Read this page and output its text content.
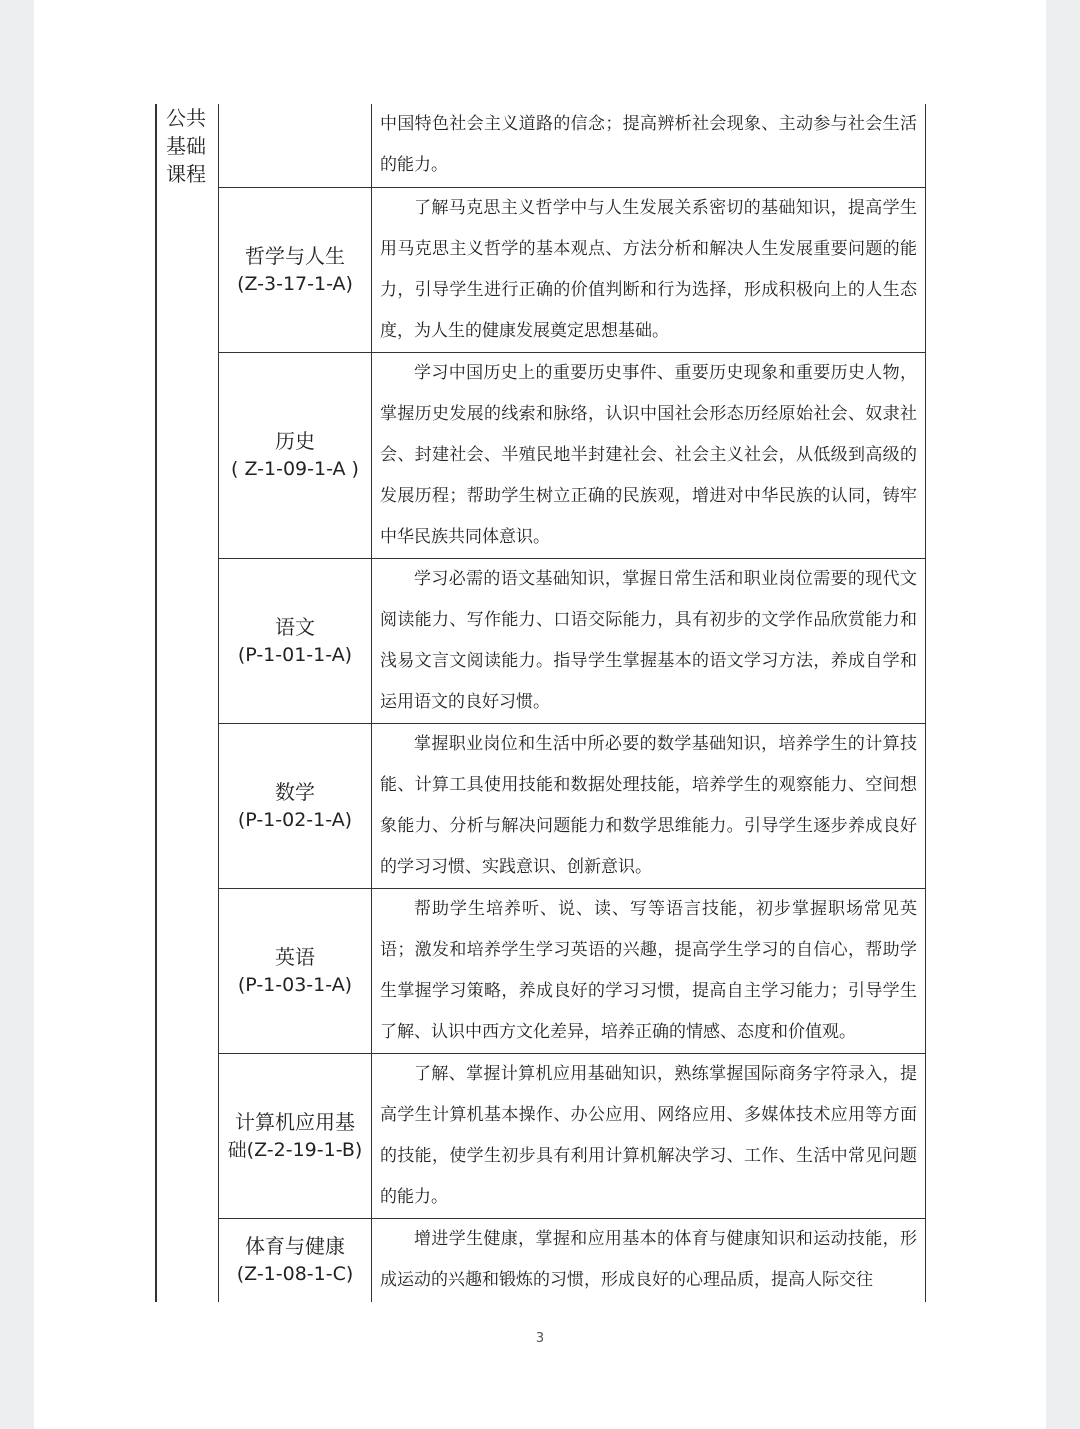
公共
基础
课程
	中国特色社会主义道路的信念；提高辨析社会现象、主动参与社会生活的能力。

哲学与人生
(Z-3-17-1-A)	了解马克思主义哲学中与人生发展关系密切的基础知识，提高学生用马克思主义哲学的基本观点、方法分析和解决人生发展重要问题的能力，引导学生进行正确的价值判断和行为选择，形成积极向上的人生态度，为人生的健康发展奠定思想基础。

历史
( Z-1-09-1-A )	学习中国历史上的重要历史事件、重要历史现象和重要历史人物，掌握历史发展的线索和脉络，认识中国社会形态历经原始社会、奴隶社会、封建社会、半殖民地半封建社会、社会主义社会，从低级到高级的发展历程；帮助学生树立正确的民族观，增进对中华民族的认同，铸牢中华民族共同体意识。

语文
(P-1-01-1-A)	学习必需的语文基础知识，掌握日常生活和职业岗位需要的现代文阅读能力、写作能力、口语交际能力，具有初步的文学作品欣赏能力和浅易文言文阅读能力。指导学生掌握基本的语文学习方法，养成自学和运用语文的良好习惯。

数学
(P-1-02-1-A)	掌握职业岗位和生活中所必要的数学基础知识，培养学生的计算技能、计算工具使用技能和数据处理技能，培养学生的观察能力、空间想象能力、分析与解决问题能力和数学思维能力。引导学生逐步养成良好的学习习惯、实践意识、创新意识。

英语
(P-1-03-1-A)	帮助学生培养听、说、读、写等语言技能，初步掌握职场常见英语；激发和培养学生学习英语的兴趣，提高学生学习的自信心，帮助学生掌握学习策略，养成良好的学习习惯，提高自主学习能力；引导学生了解、认识中西方文化差异，培养正确的情感、态度和价值观。

计算机应用基
础(Z-2-19-1-B)	了解、掌握计算机应用基础知识，熟练掌握国际商务字符录入，提高学生计算机基本操作、办公应用、网络应用、多媒体技术应用等方面的技能，使学生初步具有利用计算机解决学习、工作、生活中常见问题的能力。

体育与健康
(Z-1-08-1-C)	增进学生健康，掌握和应用基本的体育与健康知识和运动技能，形成运动的兴趣和锻炼的习惯，形成良好的心理品质，提高人际交往
3
